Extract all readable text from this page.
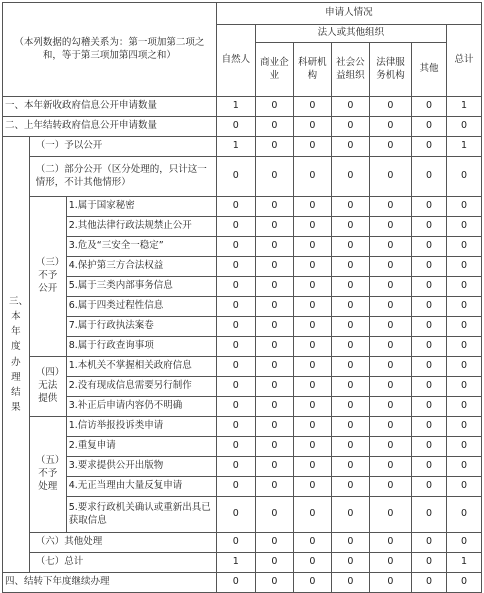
（本列数据的勾稽关系为：第一项加第二项之和，等于第三项加第四项之和）			申请人情况						
			自然人	法人或其他组织					总计
				商业企业	科研机构	社会公益组织	法律服务机构	其他	
一、本年新收政府信息公开申请数量			1	0	0	0	0	0	1
二、上年结转政府信息公开申请数量			0	0	0	0	0	0	0
三、本年度办理结果	（一）予以公开		1	0	0	0	0	0	1
	（二）部分公开（区分处理的，只计这一情形，不计其他情形）		0	0	0	0	0	0	0
	（三）不予公开	1.属于国家秘密	0	0	0	0	0	0	0
		2.其他法律行政法规禁止公开	0	0	0	0	0	0	0
		3.危及“三安全一稳定”	0	0	0	0	0	0	0
		4.保护第三方合法权益	0	0	0	0	0	0	0
		5.属于三类内部事务信息	0	0	0	0	0	0	0
		6.属于四类过程性信息	0	0	0	0	0	0	0
		7.属于行政执法案卷	0	0	0	0	0	0	0
		8.属于行政查询事项	0	0	0	0	0	0	0
	（四）无法提供	1.本机关不掌握相关政府信息	0	0	0	0	0	0	0
		2.没有现成信息需要另行制作	0	0	0	0	0	0	0
		3.补正后申请内容仍不明确	0	0	0	0	0	0	0
	（五）不予处理	1.信访举报投诉类申请	0	0	0	0	0	0	0
		2.重复申请	0	0	0	0	0	0	0
		3.要求提供公开出版物	0	0	0	0	0	0	0
		4.无正当理由大量反复申请	0	0	0	0	0	0	0
		5.要求行政机关确认或重新出具已获取信息	0	0	0	0	0	0	0
	（六）其他处理		0	0	0	0	0	0	0
	（七）总计		1	0	0	0	0	0	1
四、结转下年度继续办理			0	0	0	0	0	0	0
